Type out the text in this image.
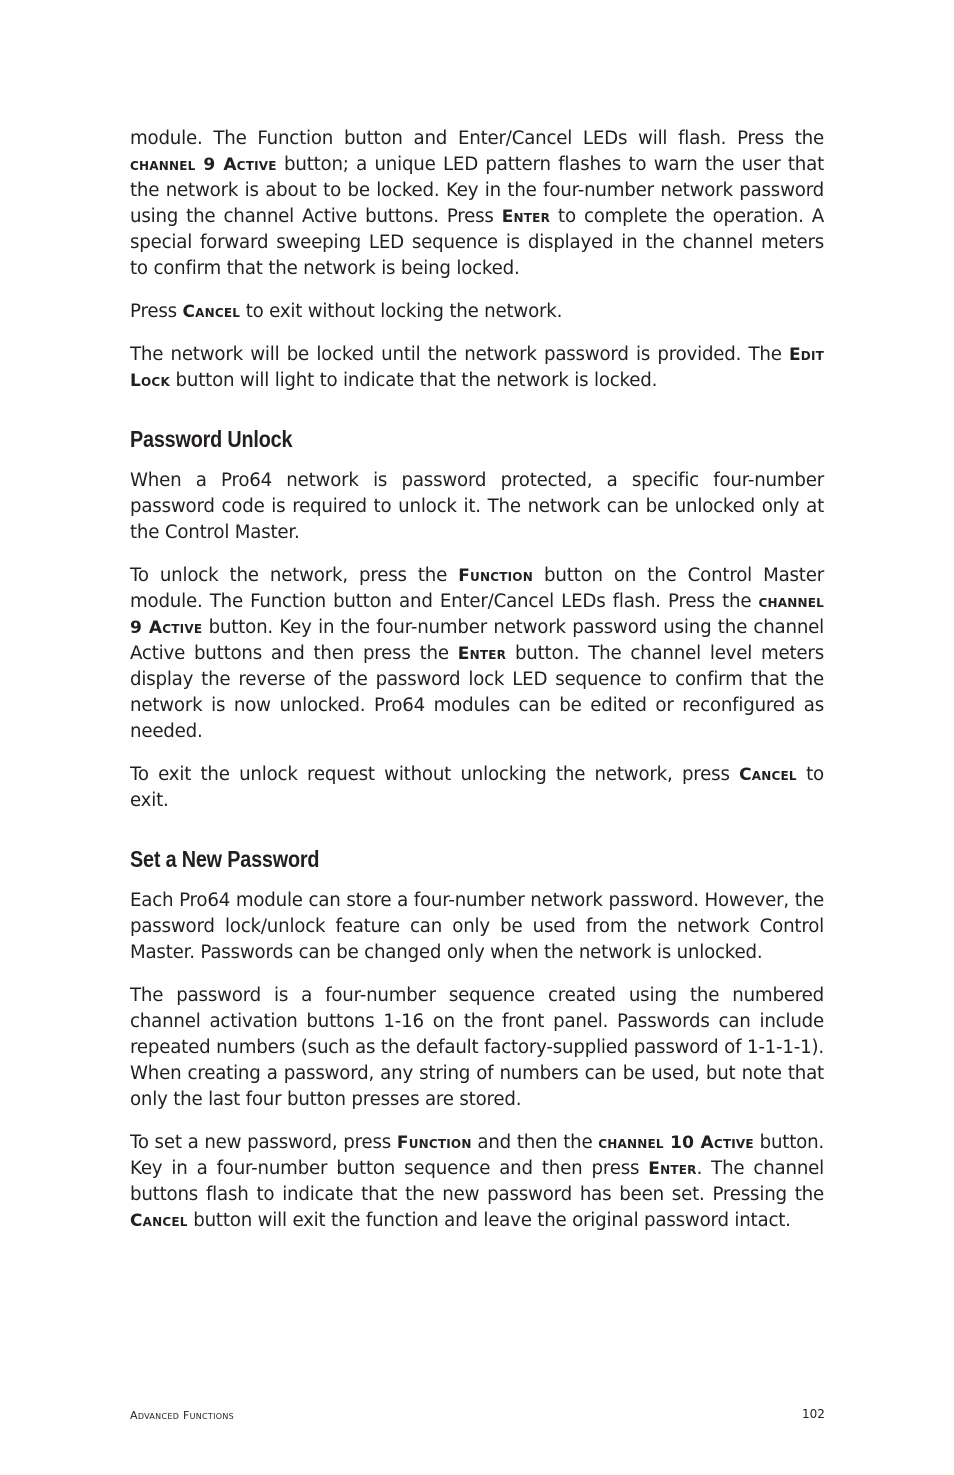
module. The Function button and Enter/Cancel LEDs will flash. Press the channel 9 Active button; a unique LED pattern flashes to warn the user that the network is about to be locked. Key in the four-number network password using the channel Active buttons. Press Enter to complete the operation. A special forward sweeping LED sequence is displayed in the channel meters to confirm that the network is being locked.

Press Cancel to exit without locking the network.

The network will be locked until the network password is provided. The Edit Lock button will light to indicate that the network is locked.

Password Unlock

When a Pro64 network is password protected, a specific four-number password code is required to unlock it. The network can be unlocked only at the Control Master.

To unlock the network, press the Function button on the Control Master module. The Function button and Enter/Cancel LEDs flash. Press the channel 9 Active button. Key in the four-number network password using the channel Active buttons and then press the Enter button. The channel level meters display the reverse of the password lock LED sequence to confirm that the network is now unlocked. Pro64 modules can be edited or reconfigured as needed.

To exit the unlock request without unlocking the network, press Cancel to exit.

Set a New Password

Each Pro64 module can store a four-number network password. However, the password lock/unlock feature can only be used from the network Control Master. Passwords can be changed only when the network is unlocked.

The password is a four-number sequence created using the numbered channel activation buttons 1-16 on the front panel. Passwords can include repeated numbers (such as the default factory-supplied password of 1-1-1-1). When creating a password, any string of numbers can be used, but note that only the last four button presses are stored.

To set a new password, press Function and then the channel 10 Active button. Key in a four-number button sequence and then press Enter. The channel buttons flash to indicate that the new password has been set. Pressing the Cancel button will exit the function and leave the original password intact.

Advanced Functions	102
